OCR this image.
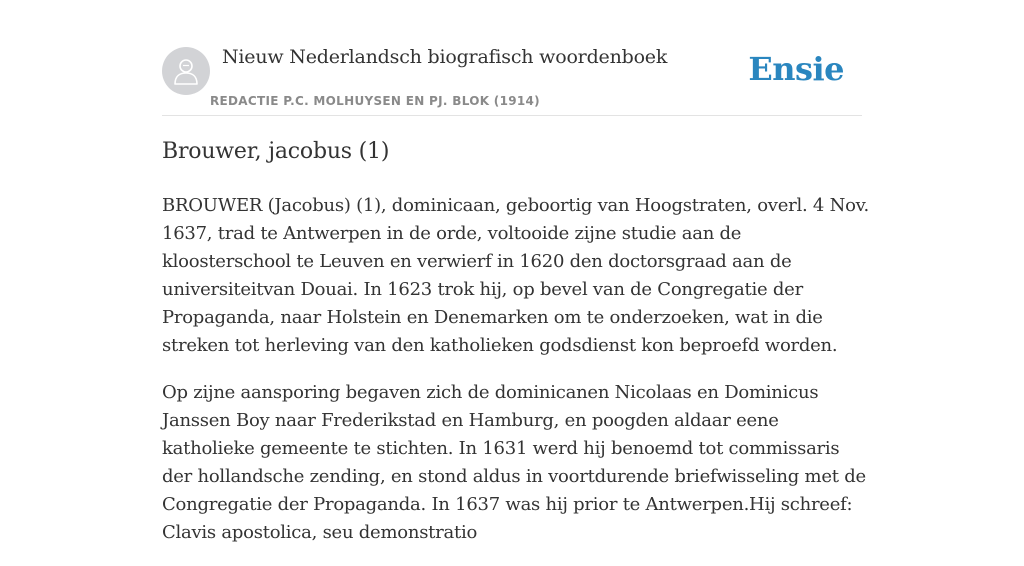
Nieuw Nederlandsch biografisch woordenboek
REDACTIE P.C. MOLHUYSEN EN PJ. BLOK (1914)
Ensie
Brouwer, jacobus (1)

BROUWER (Jacobus) (1), dominicaan, geboortig van Hoogstraten, overl. 4 Nov. 1637, trad te Antwerpen in de orde, voltooide zijne studie aan de kloosterschool te Leuven en verwierf in 1620 den doctorsgraad aan de universiteitvan Douai. In 1623 trok hij, op bevel van de Congregatie der Propaganda, naar Holstein en Denemarken om te onderzoeken, wat in die streken tot herleving van den katholieken godsdienst kon beproefd worden.

Op zijne aansporing begaven zich de dominicanen Nicolaas en Dominicus Janssen Boy naar Frederikstad en Hamburg, en poogden aldaar eene katholieke gemeente te stichten. In 1631 werd hij benoemd tot commissaris der hollandsche zending, en stond aldus in voortdurende briefwisseling met de Congregatie der Propaganda. In 1637 was hij prior te Antwerpen.Hij schreef: Clavis apostolica, seu demonstratio
